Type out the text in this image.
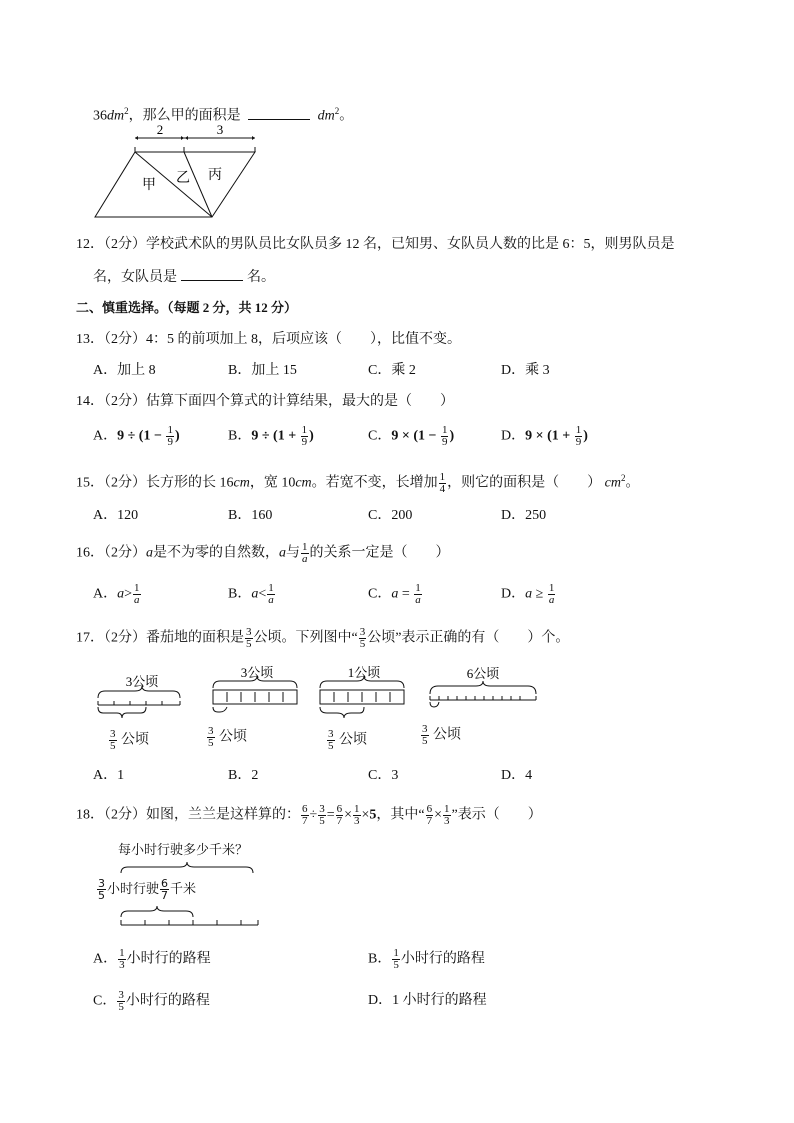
$36dm^2$，那么甲的面积是	$dm^2$。
2	3
甲 乙 丙
12．（2分）学校武术队的男队员比女队员多 12 名，已知男、女队员人数的比是 6：5，则男队员是
名，女队员是	名。
二、慎重选择。（每题 2 分，共 12 分）
13．（2分）4：5 的前项加上 8，后项应该（　　），比值不变。
A．加上 8	B．加上 15	C．乘 2	D．乘 3
14．（2分）估算下面四个算式的计算结果，最大的是（　　）
A．$9 \div (1 - \frac{1}{9}$ )	B．$9 \div (1 + \frac{1}{9}$ )	C．$9 \times (1 - \frac{1}{9}$ )	D．$9 \times (1 + \frac{1}{9}$ )
15．（2分）长方形的长 16cm，宽 10cm。若宽不变，长增加 $\frac{1}{4}$ ，则它的面积是（　　） $cm^2$。
A．120	B．160	C．200	D．250
16．（2分）a是不为零的自然数，a与 $\frac{1}{a}$ 的关系一定是（　　）
A．$a> \frac{1}{a}$	B．$a< \frac{1}{a}$	C．$a = \frac{1}{a}$	D．$a \ge \frac{1}{a}$
17．（2分）番茄地的面积是 $\frac{3}{5}$ 公顷。下列图中“ $\frac{3}{5}$ 公顷”表示正确的有（　　）个。
3公顷
$\frac{3}{5}$ 公顷
3公顷
$\frac{3}{5}$ 公顷
1公顷
$\frac{3}{5}$ 公顷
6公顷
$\frac{3}{5}$ 公顷
A．1	B．2	C．3	D．4
18．（2分）如图，兰兰是这样算的： $\frac{6}{7} \div \frac{3}{5} = \frac{6}{7} \times \frac{1}{3} \times 5$，其中“ $\frac{6}{7} \times \frac{1}{3}$ ”表示（　　）
每小时行驶多少千米？
$\frac{3}{5}$ 小时行驶 $\frac{6}{7}$ 千米
A． $\frac{1}{3}$ 小时行的路程	B． $\frac{1}{5}$ 小时行的路程
C． $\frac{3}{5}$ 小时行的路程	D．1 小时行的路程
